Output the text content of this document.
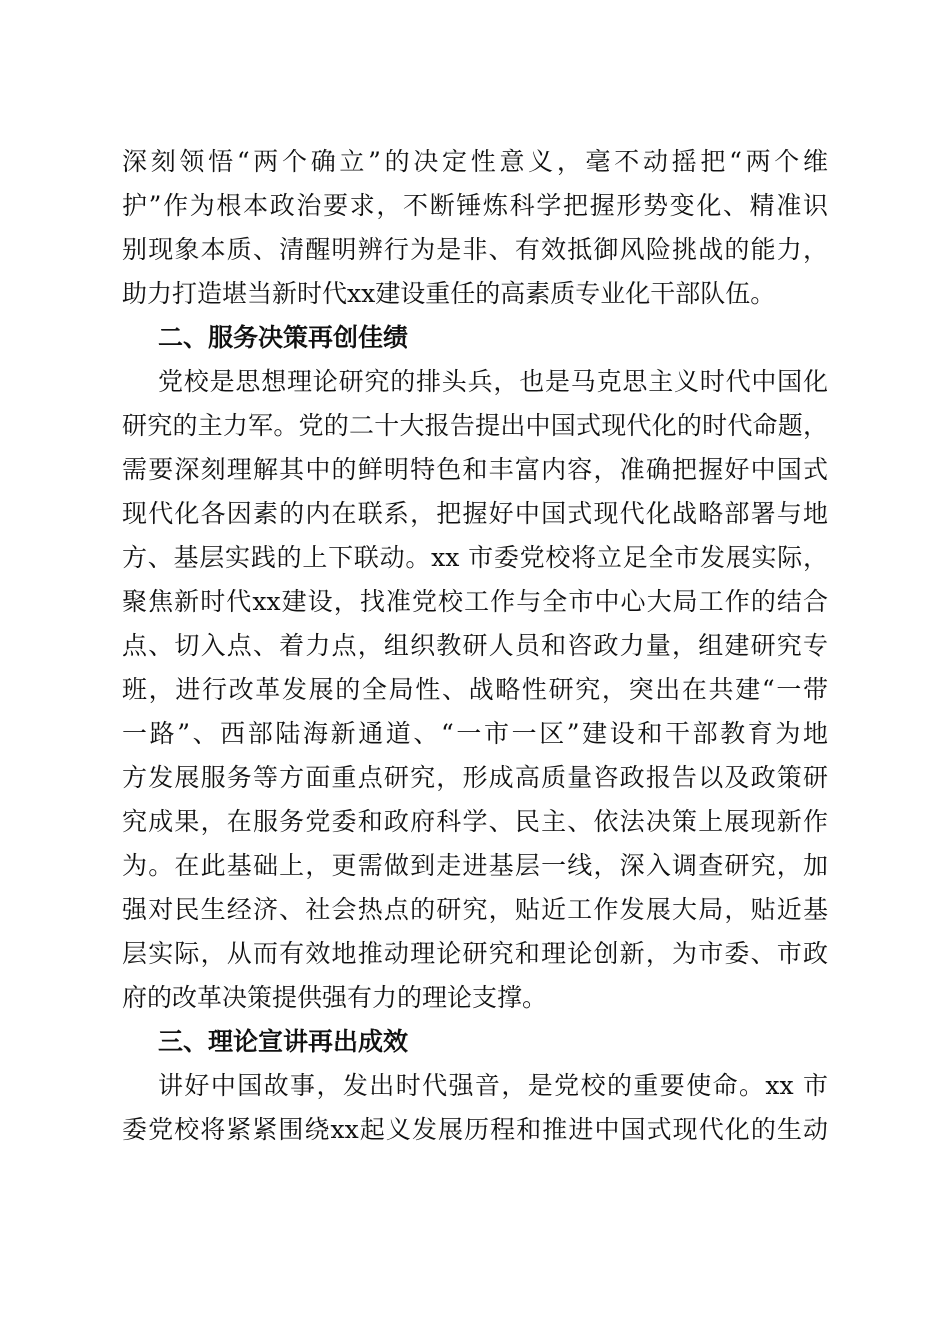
深刻领悟“两个确立”的决定性意义，毫不动摇把“两个维
护”作为根本政治要求，不断锤炼科学把握形势变化、精准识
别现象本质、清醒明辨行为是非、有效抵御风险挑战的能力，
助力打造堪当新时代xx建设重任的高素质专业化干部队伍。
二、服务决策再创佳绩
党校是思想理论研究的排头兵，也是马克思主义时代中国化
研究的主力军。党的二十大报告提出中国式现代化的时代命题，
需要深刻理解其中的鲜明特色和丰富内容，准确把握好中国式
现代化各因素的内在联系，把握好中国式现代化战略部署与地
方、基层实践的上下联动。xx 市委党校将立足全市发展实际，
聚焦新时代xx建设，找准党校工作与全市中心大局工作的结合
点、切入点、着力点，组织教研人员和咨政力量，组建研究专
班，进行改革发展的全局性、战略性研究，突出在共建“一带
一路”、西部陆海新通道、“一市一区”建设和干部教育为地
方发展服务等方面重点研究，形成高质量咨政报告以及政策研
究成果，在服务党委和政府科学、民主、依法决策上展现新作
为。在此基础上，更需做到走进基层一线，深入调查研究，加
强对民生经济、社会热点的研究，贴近工作发展大局，贴近基
层实际，从而有效地推动理论研究和理论创新，为市委、市政
府的改革决策提供强有力的理论支撑。
三、理论宣讲再出成效
讲好中国故事，发出时代强音，是党校的重要使命。xx 市
委党校将紧紧围绕xx起义发展历程和推进中国式现代化的生动
